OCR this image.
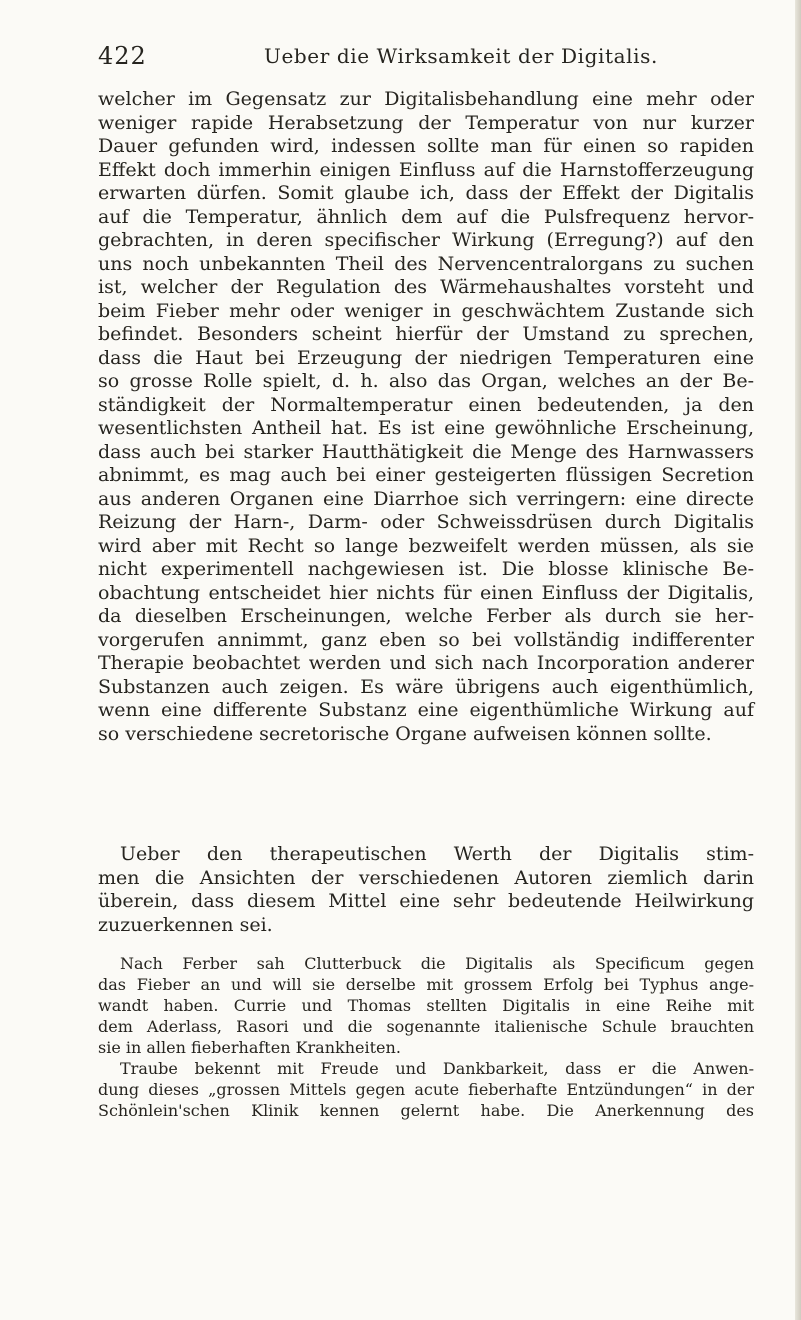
422	Ueber die Wirksamkeit der Digitalis.
welcher im Gegensatz zur Digitalisbehandlung eine mehr oder
weniger rapide Herabsetzung der Temperatur von nur kurzer
Dauer gefunden wird, indessen sollte man für einen so rapiden
Effekt doch immerhin einigen Einfluss auf die Harnstofferzeugung
erwarten dürfen. Somit glaube ich, dass der Effekt der Digitalis
auf die Temperatur, ähnlich dem auf die Pulsfrequenz hervor-
gebrachten, in deren specifischer Wirkung (Erregung?) auf den
uns noch unbekannten Theil des Nervencentralorgans zu suchen
ist, welcher der Regulation des Wärmehaushaltes vorsteht und
beim Fieber mehr oder weniger in geschwächtem Zustande sich
befindet. Besonders scheint hierfür der Umstand zu sprechen,
dass die Haut bei Erzeugung der niedrigen Temperaturen eine
so grosse Rolle spielt, d. h. also das Organ, welches an der Be-
ständigkeit der Normaltemperatur einen bedeutenden, ja den
wesentlichsten Antheil hat. Es ist eine gewöhnliche Erscheinung,
dass auch bei starker Hautthätigkeit die Menge des Harnwassers
abnimmt, es mag auch bei einer gesteigerten flüssigen Secretion
aus anderen Organen eine Diarrhoe sich verringern: eine directe
Reizung der Harn-, Darm- oder Schweissdrüsen durch Digitalis
wird aber mit Recht so lange bezweifelt werden müssen, als sie
nicht experimentell nachgewiesen ist. Die blosse klinische Be-
obachtung entscheidet hier nichts für einen Einfluss der Digitalis,
da dieselben Erscheinungen, welche Ferber als durch sie her-
vorgerufen annimmt, ganz eben so bei vollständig indifferenter
Therapie beobachtet werden und sich nach Incorporation anderer
Substanzen auch zeigen. Es wäre übrigens auch eigenthümlich,
wenn eine differente Substanz eine eigenthümliche Wirkung auf
so verschiedene secretorische Organe aufweisen können sollte.
Ueber den therapeutischen Werth der Digitalis stim-
men die Ansichten der verschiedenen Autoren ziemlich darin
überein, dass diesem Mittel eine sehr bedeutende Heilwirkung
zuzuerkennen sei.
Nach Ferber sah Clutterbuck die Digitalis als Specificum gegen
das Fieber an und will sie derselbe mit grossem Erfolg bei Typhus ange-
wandt haben. Currie und Thomas stellten Digitalis in eine Reihe mit
dem Aderlass, Rasori und die sogenannte italienische Schule brauchten
sie in allen fieberhaften Krankheiten.
Traube bekennt mit Freude und Dankbarkeit, dass er die Anwen-
dung dieses „grossen Mittels gegen acute fieberhafte Entzündungen“ in der
Schönlein'schen Klinik kennen gelernt habe. Die Anerkennung des
